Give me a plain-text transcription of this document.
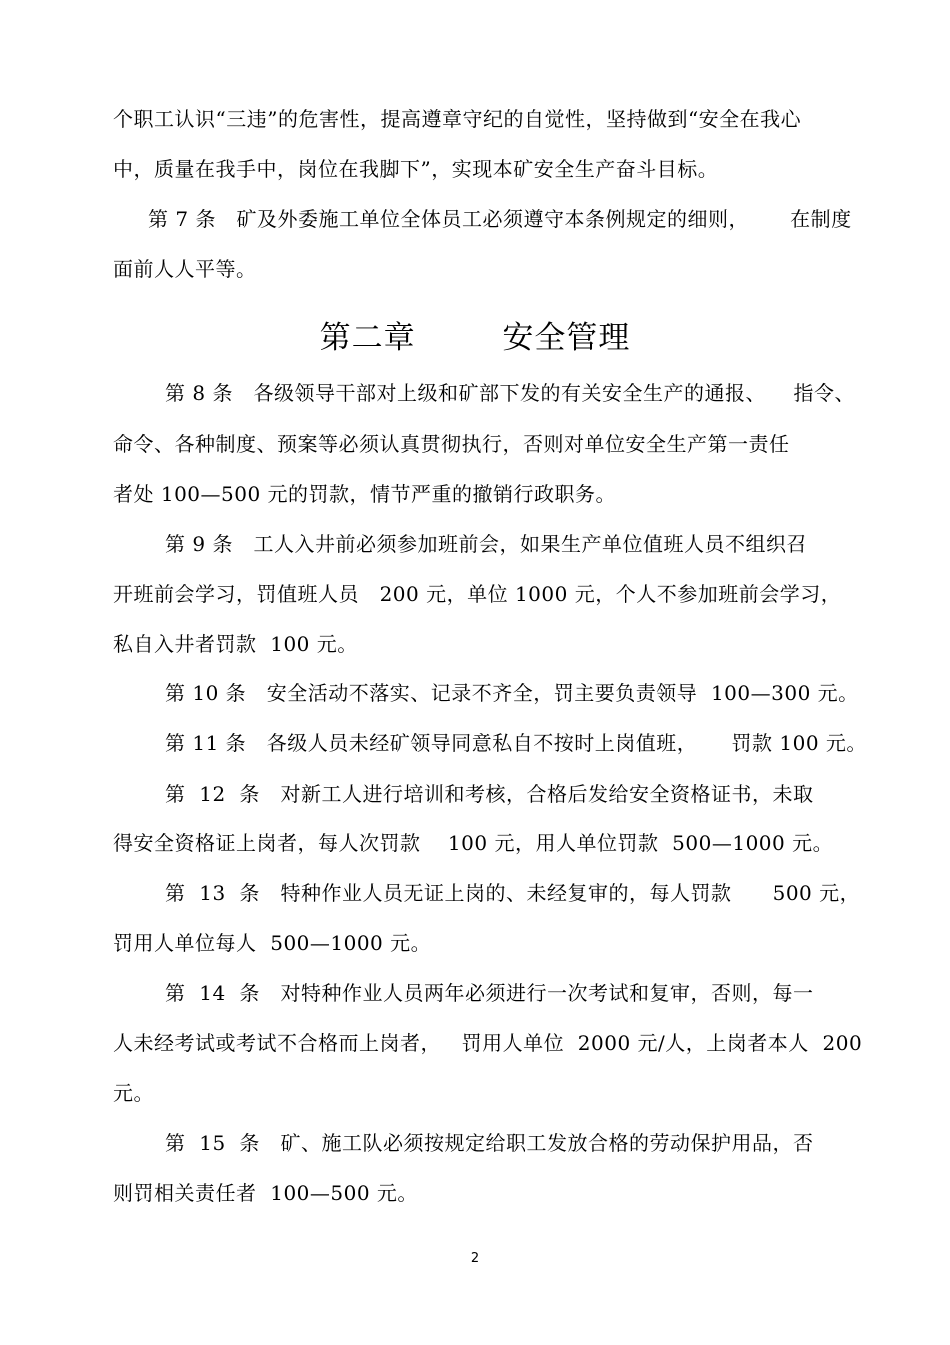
个职工认识“三违”的危害性，提高遵章守纪的自觉性，坚持做到“安全在我心
中，质量在我手中，岗位在我脚下”，实现本矿安全生产奋斗目标。
第 7 条   矿及外委施工单位全体员工必须遵守本条例规定的细则，      在制度
面前人人平等。
第二章        安全管理
第 8 条   各级领导干部对上级和矿部下发的有关安全生产的通报、    指令、
命令、各种制度、预案等必须认真贯彻执行，否则对单位安全生产第一责任
者处 100—500 元的罚款，情节严重的撤销行政职务。
第 9 条   工人入井前必须参加班前会，如果生产单位值班人员不组织召
开班前会学习，罚值班人员   200 元，单位 1000 元，个人不参加班前会学习，
私自入井者罚款  100 元。
第 10 条   安全活动不落实、记录不齐全，罚主要负责领导  100—300 元。
第 11 条   各级人员未经矿领导同意私自不按时上岗值班，     罚款 100 元。
第  12  条   对新工人进行培训和考核，合格后发给安全资格证书，未取
得安全资格证上岗者，每人次罚款    100 元，用人单位罚款  500—1000 元。
第  13  条   特种作业人员无证上岗的、未经复审的，每人罚款      500 元，
罚用人单位每人  500—1000 元。
第  14  条   对特种作业人员两年必须进行一次考试和复审，否则，每一
人未经考试或考试不合格而上岗者，   罚用人单位  2000 元/人，上岗者本人  200
元。
第  15  条   矿、施工队必须按规定给职工发放合格的劳动保护用品，否
则罚相关责任者  100—500 元。
2
